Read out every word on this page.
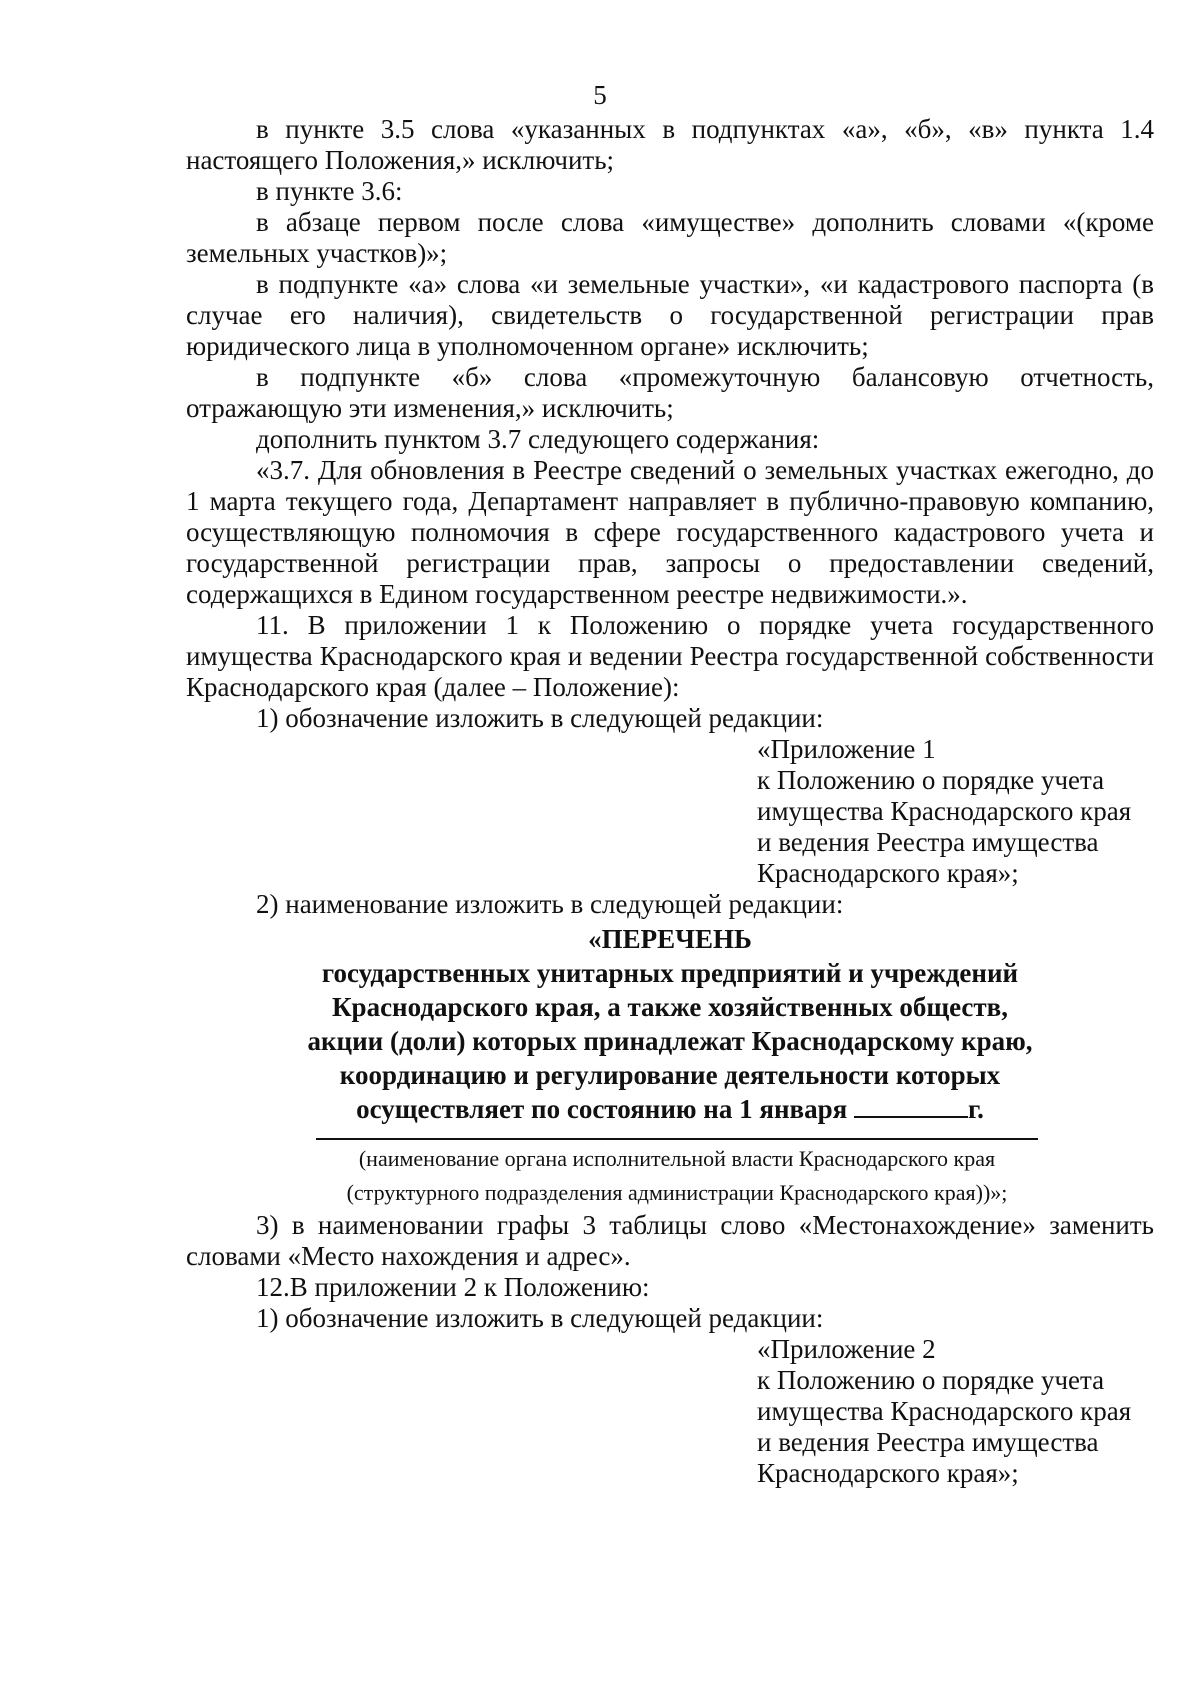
5

в пункте 3.5 слова «указанных в подпунктах «а», «б», «в» пункта 1.4 настоящего Положения,» исключить;

в пункте 3.6:

в абзаце первом после слова «имуществе» дополнить словами «(кроме земельных участков)»;

в подпункте «а» слова «и земельные участки», «и кадастрового паспорта (в случае его наличия), свидетельств о государственной регистрации прав юридического лица в уполномоченном органе» исключить;

в подпункте «б» слова «промежуточную балансовую отчетность, отражающую эти изменения,» исключить;

дополнить пунктом 3.7 следующего содержания:

«3.7. Для обновления в Реестре сведений о земельных участках ежегодно, до 1 марта текущего года, Департамент направляет в публично-правовую компанию, осуществляющую полномочия в сфере государственного кадастрового учета и государственной регистрации прав, запросы о предоставлении сведений, содержащихся в Едином государственном реестре недвижимости.».

11. В приложении 1 к Положению о порядке учета государственного имущества Краснодарского края и ведении Реестра государственной собственности Краснодарского края (далее – Положение):

1) обозначение изложить в следующей редакции:

«Приложение 1
к Положению о порядке учета
имущества Краснодарского края
и ведения Реестра имущества
Краснодарского края»;

2) наименование изложить в следующей редакции:

«ПЕРЕЧЕНЬ
государственных унитарных предприятий и учреждений
Краснодарского края, а также хозяйственных обществ,
акции (доли) которых принадлежат Краснодарскому краю,
координацию и регулирование деятельности которых
осуществляет по состоянию на 1 января	г.
(наименование органа исполнительной власти Краснодарского края
(структурного подразделения администрации Краснодарского края))»;

3) в наименовании графы 3 таблицы слово «Местонахождение» заменить словами «Место нахождения и адрес».

12.В приложении 2 к Положению:

1) обозначение изложить в следующей редакции:

«Приложение 2
к Положению о порядке учета
имущества Краснодарского края
и ведения Реестра имущества
Краснодарского края»;
